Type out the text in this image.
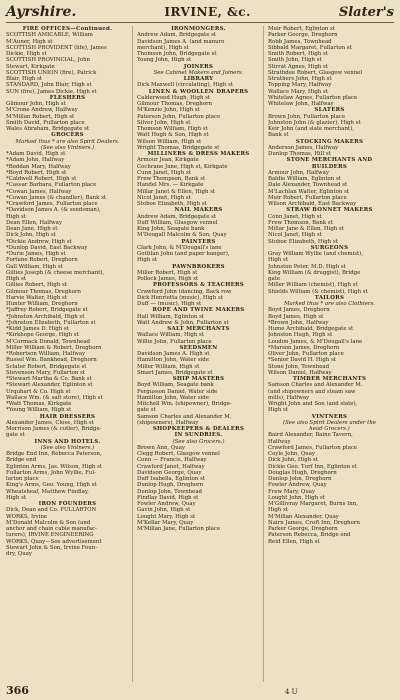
Ayrshire.	IRVINE, &c.	Slater's
FIRE OFFICES—Continued.
SCOTTISH AMICABLE, William
M'Auner, High st
SCOTTISH PROVIDENT (life), James
Dickie, High st
SCOTTISH PROVINCIAL, John
Stewart, Kirkgate
SCOTTISH UNION (fire), Patrick
Blair, High st
STANDARD, John Blair, High st
SUN (fire), James Dickie, High st
FLESHERS
Gilmour John, High st
M'Crone Andrew, Halfway
M'Millan Robert, High st
Smith David, Fullarton place
Wales Abraham, Bridgegate st
GROCERS
Marked thus * are also Spirit Dealers.
(See also Vintners.)
*Adam David, High st
*Adam John, Halfway
*Boddan Mary, Halfway
*Boyd Robert, High st
*Caldwell Robert, High st
*Cassar Barbara, Fullarton place
*Cowan James, Halfway
*Cowan James (& chandler), Bank st
*Crawford James, Fullarton place
*Davidson James A. (& seedsman),
High st
Dean Ellen, Halfway
Dean Jane, High st
Dick John, High st
*Dickie Andrew, High st
*Dunlop David, East Backway
*Durie James, High st
Fortune Robert, Dreghorn
Gall William, High st
Gillies Joseph (& cheese merchant),
High st
Gillies Robert, High st
Gilmour Thomas, Dreghorn
Harvie Walter, High st
Hunter William, Dreghorn
*Jaffrey Robert, Bridgegate st
*Johnston Archibald, High st
*Johnston Elizabeth, Fullarton st
*Kidd James D. High st
*Kirkhope George, High st
M'Cormack Donald, Townhead
Miller William & Robert, Dreghorn
*Robertson William, Halfway
Russel Wm. Bankhead, Dreghorn
Sclater Robert, Bridgegate st
Stevenson Mary, Fullarton st
*Stewart Martha & Co. Bank st
*Stewart Alexander, Eglinton st
Urquhart & Co. High st
Wallace Wm. (& salt store), High st
*Watt Thomas, Kirkgate
*Young William, High st
HAIR DRESSERS
Alexander James, Close, High st
Morrison James (& cutler), Bridge-
gate st
INNS AND HOTELS.
(See also Vintners.)
Bridge End Inn, Rebecca Paterson,
Bridge end
Eglinton Arms, Jas. Wilson, High st
Fullarton Arms, John Wyllie, Ful-
larton place
King's Arms, Geo. Young, High st
Wheatsheaf, Matthew Findlay,
High st
IRON FOUNDERS
Dick, Dean and Co. FULLARTON
WORKS, Irvine
M'Donald Malcolm & Son (and
anchor and chain cable manufac-
turers), IRVINE ENGINEERING
WORKS, Quay—See advertisement
Stewart John & Son, Irvine Foun-
dry, Quay
IRONMONGERS.
Andrew Adam, Bridgegate st
Davidson James A. (and manure
merchant), High st
Thomson John, Bridgegate st
Young John, High st
JOINERS
See Cabinet Makers and Joiners.
LIBRARY
Dick Maxwell (circulating), High st
LINEN & WOOLLEN DRAPERS
Calderwood Hugh, High st
Gilmour Thomas, Dreghorn
M'Kenzie John, High st
Paterson John, Fullarton place
Silver John, High st
Thomson William, High st
Watt Hugh & Son, High st
Wilson William, High st
Wright Thomas, Bridgegate st
MILLINERS & DRESS MAKERS
Armour Jean, Kirkgate
Cochrane Jane, High st, Kirkgate
Cunn Janet, High st
Frew Thompson, Bank st
Handel Mrs. — Kirkgate
Millar Janet & Ellen, High st
Nicol Janet, High st
Stoboe Elizabeth, High st
NAIL MAKERS
Andrew Adam, Bridgegate st
Duff William, Glasgow vennel
King John, Seagate bank
M'Dougall Malcolm & Son, Quay
PAINTERS
Clark John, & M'Dougall's lane
Gottilan John (and paper hanger),
High st
PAWNBROKERS
Miller Robert, High st
Pollock James, High st
PROFESSORS & TEACHERS
Crawford John (dancing, Back row
Dick Henrietta (music), High st
Duff — (music), High st
ROPE AND TWINE MAKERS
Hall William, Eglinton st
Watt Andrew & John, Fullarton st
SALT MERCHANTS
Wallace William, High st
Willie John, Fullarton place
SEEDSMEN
Davidson James A. High st
Hamilton John, Water side
Miller William, High st
Smart James, Bridgegate st
SHIP MASTERS
Boyd William, Seagate bank
Fergusson Daniel, Water side
Hamilton John, Water side
Mitchell Wm. (shipowner), Bridge-
gate st
Samson Charles and Alexander M.
(shipowners), Halfway
SHOPKEEPERS & DEALERS
IN SUNDRIES.
(See also Grocers.)
Brown Ann, Quay
Clegg Robert, Glasgow vennel
Conn — Francis, Halfway
Crawford Janet, Halfway
Davidson George, Quay
Duff Isabella, Eglinton st
Dunlop Hugh, Dreghorn
Dunlop John, Townhead
Findlay David, High st
Fowler Andrew, Quay
Gavin John, High st
Lought Mary, High st
M'Kellar Mary, Quay
M'Millan Jane, Fullarton place
Muir Robert, Eglinton st
Parker George, Dreghorn
Robb James, Townhead
Sibbald Margaret, Fullarton st
Smith Robert, High st
Smith John, High st
Stirrat Agnes, High st
Strathdee Robert, Glasgow vennel
Struthers John, High st
Topping Mary, Halfway
Wallace Mary, High st
Whitelaw Agnes, Fullarton place
Whitelaw John, Halfway
SLATERS
Brown John, Fullarton place
Johnston John (& glazier), High st
Keir John (and slate merchant),
Bank st
STOCKING MAKERS
Anderson James, Halfway
Dunlop Thomas, Hill st
STONE MERCHANTS AND
BUILDERS
Armour John, Halfway
Baldie William, Eglinton st
Dale Alexander, Townhead st
M'Lachlan Walter, Eglinton st
Muir Robert, Fullarton place
Wilson Archibald, East Backway
STRAW BONNET MAKERS
Conn Janet, High st
Frew Thomson, Bank st
Millar Jane & Ellen, High st
Nicol Janet, High st
Stoboe Elizabeth, High st
SURGEONS
Gray William Wyllie (and chemist),
High st
Johnston Peter, M.D. High st
King William (& druggist), Bridge
gate
Miller William (chemist), High st
Shields William (& chemist), High st
TAILORS
Marked thus * are also Clothiers.
Boyd James, Dreghorn
Boyd James, High st
*Brown John, Halfway
Hume Archibald, Bridgegate st
Johnston Hugh, High st
Loudon James, & M'Dougall's lane
*Marson James, Dreghorn
Oliver John, Fullarton place
*Senior David H. High st
Stone John, Townhead
Wilson Daniel, Halfway
TIMBER MERCHANTS
Samson Charles and Alexander M.
(and shipowners and steam saw
mills), Halfway
Wright John and Son (and slate),
High st
VINTNERS
(See also Spirit Dealers under the
head Grocers.)
Baird Alexander, Baine Tavern,
Halfway
Crawford James, Fullarton place
Coyle John, Quay
Dick John, High st
Dickie Geo. Turf Inn, Eglinton st
Douglas Hugh, Dreghorn
Dunlop John, Dreghorn
Fowler Andrew, Quay
Frew Mary, Quay
Lought John, High st
M'Gillivray Margaret, Burns Inn,
High st
M'Millan Alexander, Quay
Nairn James, Croft Inn, Dreghorn
Parker George, Dreghorn
Paterson Rebecca, Bridge end
Reid Ellen, High st
366	4 U
